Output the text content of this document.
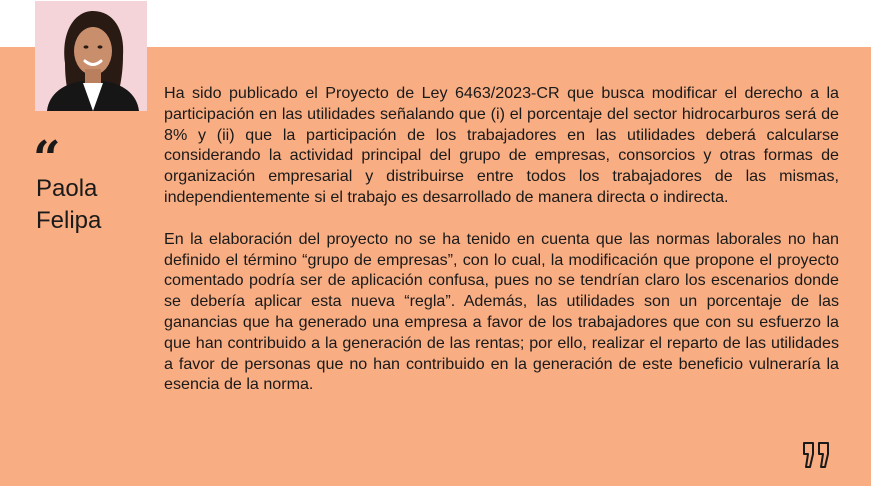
“
Paola
Felipa

Ha sido publicado el Proyecto de Ley 6463/2023-CR que busca modificar el derecho a la participación en las utilidades señalando que (i) el porcentaje del sector hidrocarburos será de 8% y (ii) que la participación de los trabajadores en las utilidades deberá calcularse considerando la actividad principal del grupo de empresas, consorcios y otras formas de organización empresarial y distribuirse entre todos los trabajadores de las mismas, independientemente si el trabajo es desarrollado de manera directa o indirecta.

En la elaboración del proyecto no se ha tenido en cuenta que las normas laborales no han definido el término “grupo de empresas”, con lo cual, la modificación que propone el proyecto comentado podría ser de aplicación confusa, pues no se tendrían claro los escenarios donde se debería aplicar esta nueva “regla”. Además, las utilidades son un porcentaje de las ganancias que ha generado una empresa a favor de los trabajadores que con su esfuerzo la que han contribuido a la generación de las rentas; por ello, realizar el reparto de las utilidades a favor de personas que no han contribuido en la generación de este beneficio vulneraría la esencia de la norma.
